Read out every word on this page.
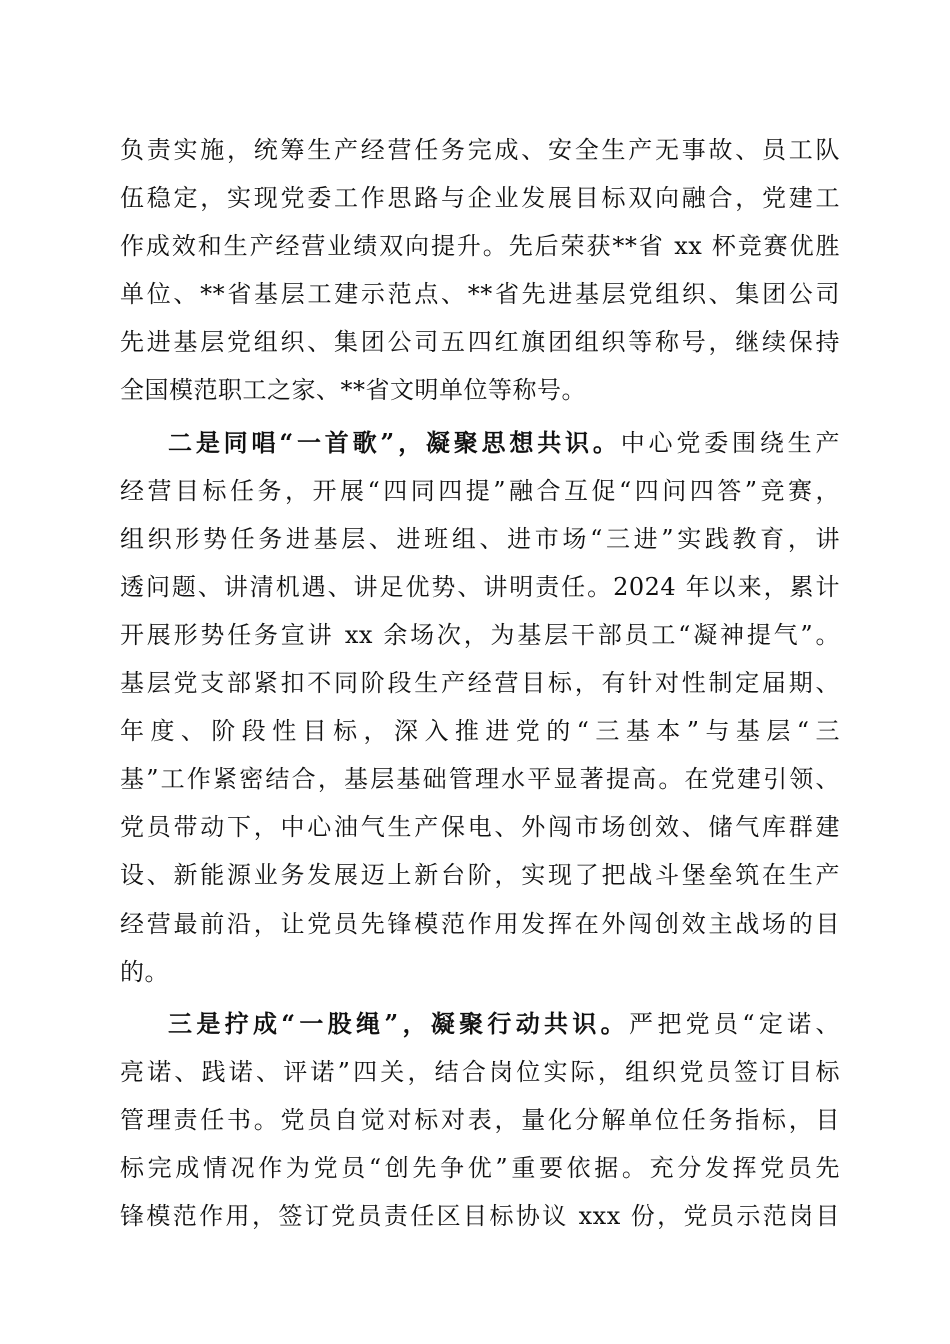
负责实施，统筹生产经营任务完成、安全生产无事故、员工队
伍稳定，实现党委工作思路与企业发展目标双向融合，党建工
作成效和生产经营业绩双向提升。先后荣获**省 xx 杯竞赛优胜
单位、**省基层工建示范点、**省先进基层党组织、集团公司
先进基层党组织、集团公司五四红旗团组织等称号，继续保持
全国模范职工之家、**省文明单位等称号。
二是同唱“一首歌”，凝聚思想共识。中心党委围绕生产
经营目标任务，开展“四同四提”融合互促“四问四答”竞赛，
组织形势任务进基层、进班组、进市场“三进”实践教育，讲
透问题、讲清机遇、讲足优势、讲明责任。2024 年以来，累计
开展形势任务宣讲 xx 余场次，为基层干部员工“凝神提气”。
基层党支部紧扣不同阶段生产经营目标，有针对性制定届期、
年度、阶段性目标，深入推进党的“三基本”与基层“三
基”工作紧密结合，基层基础管理水平显著提高。在党建引领、
党员带动下，中心油气生产保电、外闯市场创效、储气库群建
设、新能源业务发展迈上新台阶，实现了把战斗堡垒筑在生产
经营最前沿，让党员先锋模范作用发挥在外闯创效主战场的目
的。
三是拧成“一股绳”，凝聚行动共识。严把党员“定诺、
亮诺、践诺、评诺”四关，结合岗位实际，组织党员签订目标
管理责任书。党员自觉对标对表，量化分解单位任务指标，目
标完成情况作为党员“创先争优”重要依据。充分发挥党员先
锋模范作用，签订党员责任区目标协议 xxx 份，党员示范岗目
